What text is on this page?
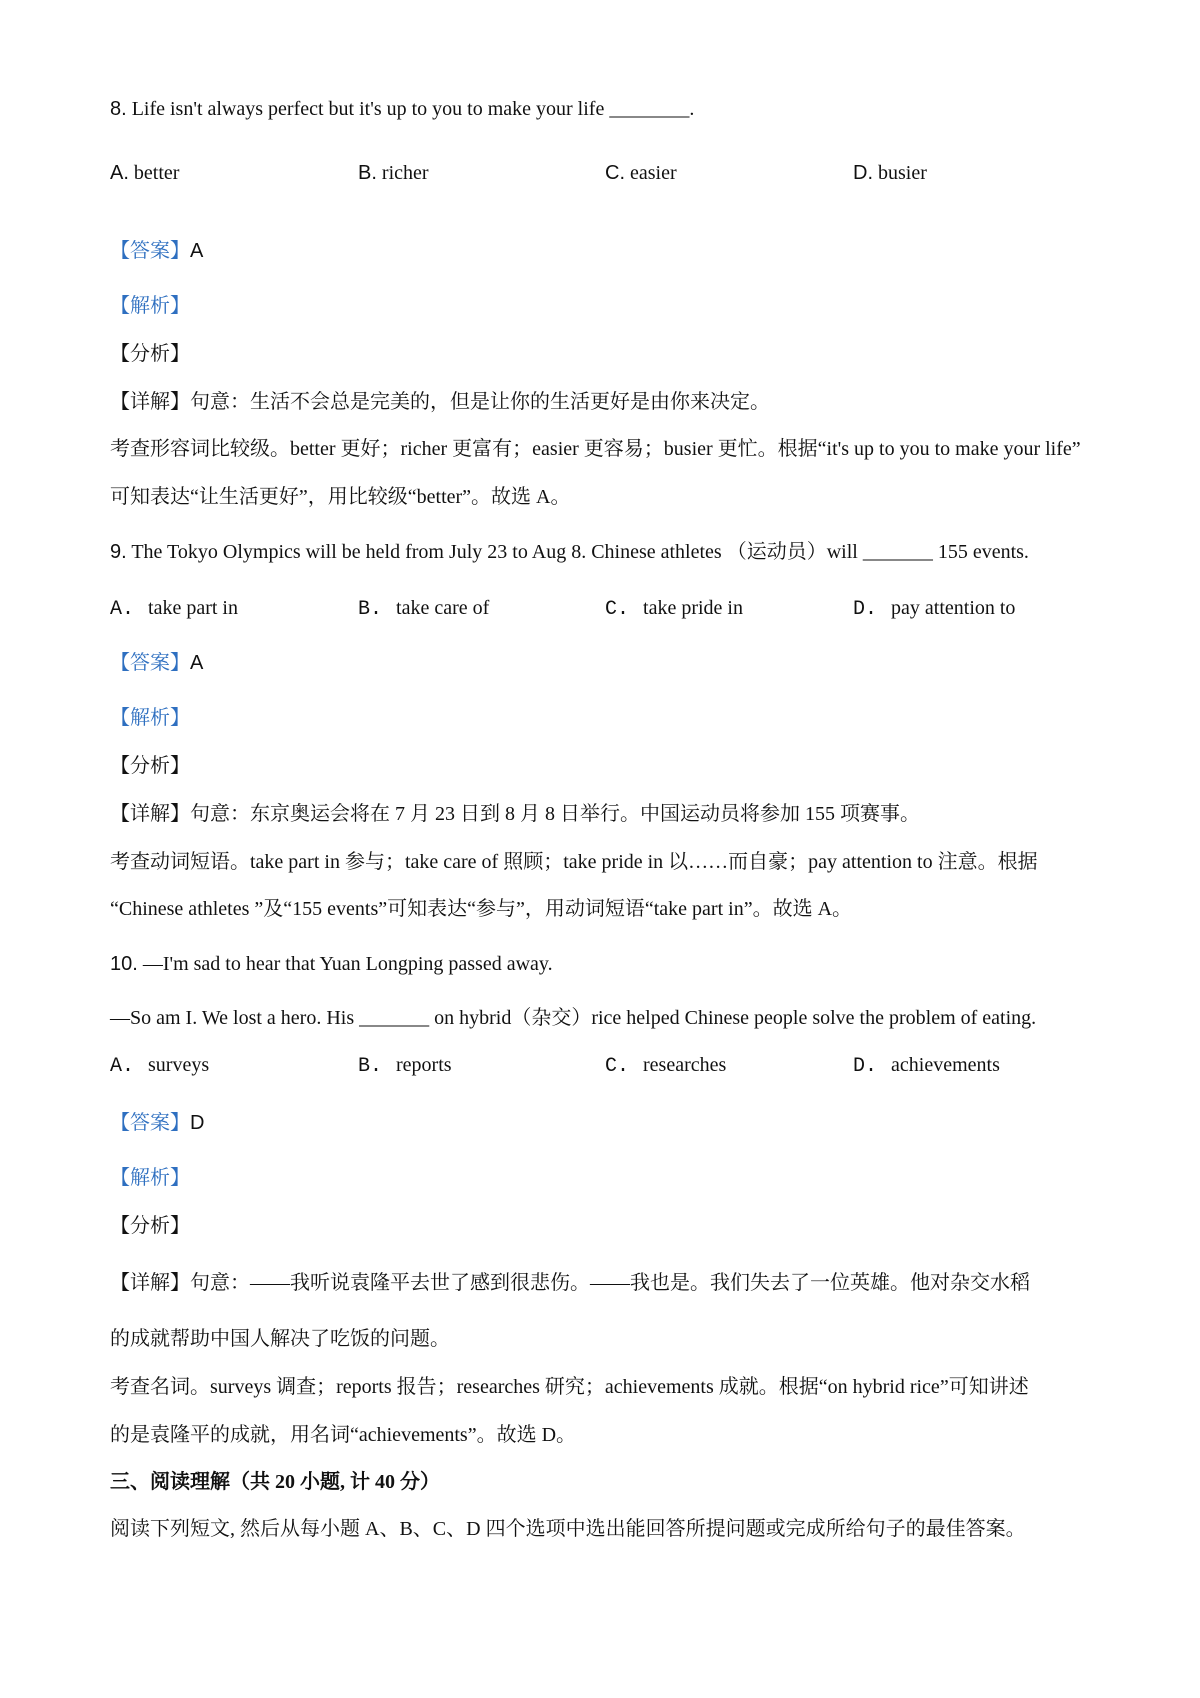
8. Life isn't always perfect but it's up to you to make your life ________.
A. better	B. richer	C. easier	D. busier
【答案】A
【解析】
【分析】
【详解】句意：生活不会总是完美的，但是让你的生活更好是由你来决定。
考查形容词比较级。better 更好；richer 更富有；easier 更容易；busier 更忙。根据“it's up to you to make your life”
可知表达“让生活更好”，用比较级“better”。故选 A。
9. The Tokyo Olympics will be held from July 23 to Aug 8. Chinese athletes （运动员）will _______ 155 events.
A. take part in	B. take care of	C. take pride in	D. pay attention to
【答案】A
【解析】
【分析】
【详解】句意：东京奥运会将在 7 月 23 日到 8 月 8 日举行。中国运动员将参加 155 项赛事。
考查动词短语。take part in 参与；take care of 照顾；take pride in 以……而自豪；pay attention to 注意。根据
“Chinese athletes ”及“155 events”可知表达“参与”，用动词短语“take part in”。故选 A。
10. —I'm sad to hear that Yuan Longping passed away.
—So am I. We lost a hero. His _______ on hybrid（杂交）rice helped Chinese people solve the problem of eating.
A. surveys	B. reports	C. researches	D. achievements
【答案】D
【解析】
【分析】
【详解】句意：——我听说袁隆平去世了感到很悲伤。——我也是。我们失去了一位英雄。他对杂交水稻
的成就帮助中国人解决了吃饭的问题。
考查名词。surveys 调查；reports 报告；researches 研究；achievements 成就。根据“on hybrid rice”可知讲述
的是袁隆平的成就，用名词“achievements”。故选 D。
三、阅读理解（共 20 小题, 计 40 分）
阅读下列短文, 然后从每小题 A、B、C、D 四个选项中选出能回答所提问题或完成所给句子的最佳答案。
